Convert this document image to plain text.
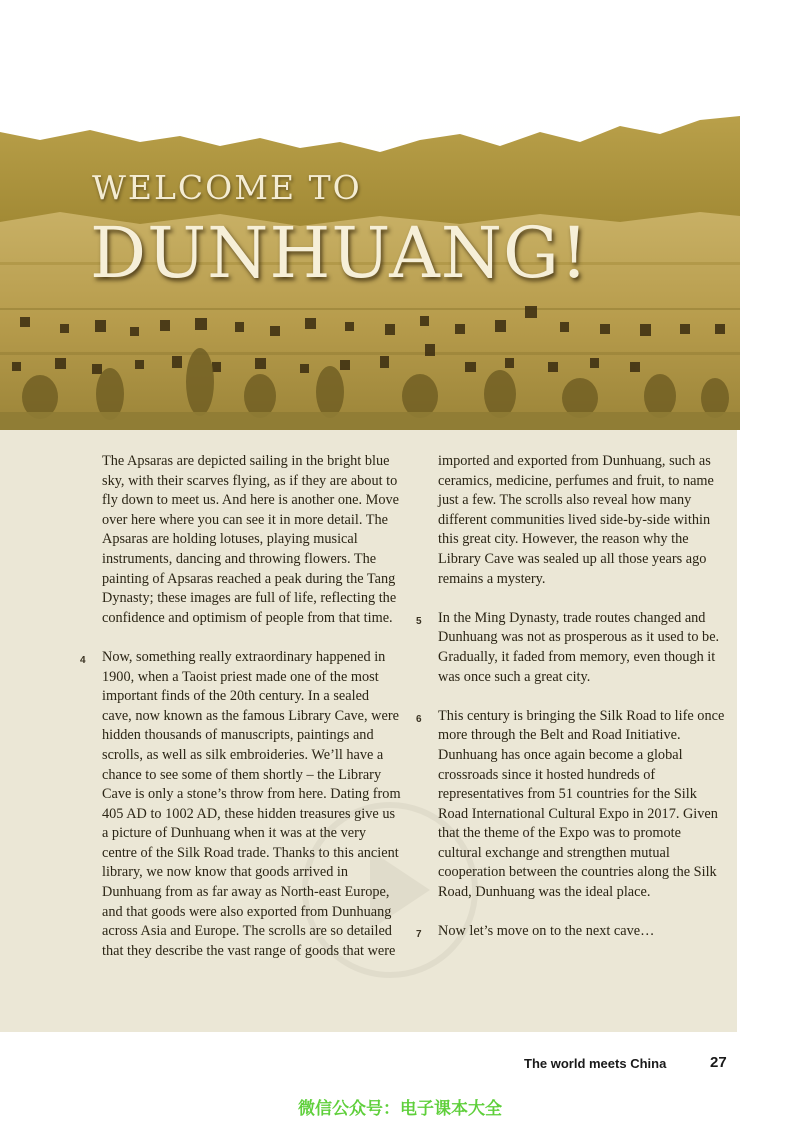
WELCOME TO
DUNHUANG!

The Apsaras are depicted sailing in the bright blue sky, with their scarves flying, as if they are about to fly down to meet us. And here is another one. Move over here where you can see it in more detail. The Apsaras are holding lotuses, playing musical instruments, dancing and throwing flowers. The painting of Apsaras reached a peak during the Tang Dynasty; these images are full of life, reflecting the confidence and optimism of people from that time.

4 Now, something really extraordinary happened in 1900, when a Taoist priest made one of the most important finds of the 20th century. In a sealed cave, now known as the famous Library Cave, were hidden thousands of manuscripts, paintings and scrolls, as well as silk embroideries. We’ll have a chance to see some of them shortly – the Library Cave is only a stone’s throw from here. Dating from 405 AD to 1002 AD, these hidden treasures give us a picture of Dunhuang when it was at the very centre of the Silk Road trade. Thanks to this ancient library, we now know that goods arrived in Dunhuang from as far away as North-east Europe, and that goods were also exported from Dunhuang across Asia and Europe. The scrolls are so detailed that they describe the vast range of goods that were

imported and exported from Dunhuang, such as ceramics, medicine, perfumes and fruit, to name just a few. The scrolls also reveal how many different communities lived side-by-side within this great city. However, the reason why the Library Cave was sealed up all those years ago remains a mystery.

5 In the Ming Dynasty, trade routes changed and Dunhuang was not as prosperous as it used to be. Gradually, it faded from memory, even though it was once such a great city.

6 This century is bringing the Silk Road to life once more through the Belt and Road Initiative. Dunhuang has once again become a global crossroads since it hosted hundreds of representatives from 51 countries for the Silk Road International Cultural Expo in 2017. Given that the theme of the Expo was to promote cultural exchange and strengthen mutual cooperation between the countries along the Silk Road, Dunhuang was the ideal place.

7 Now let’s move on to the next cave…

The world meets China	27
微信公众号：电子课本大全
